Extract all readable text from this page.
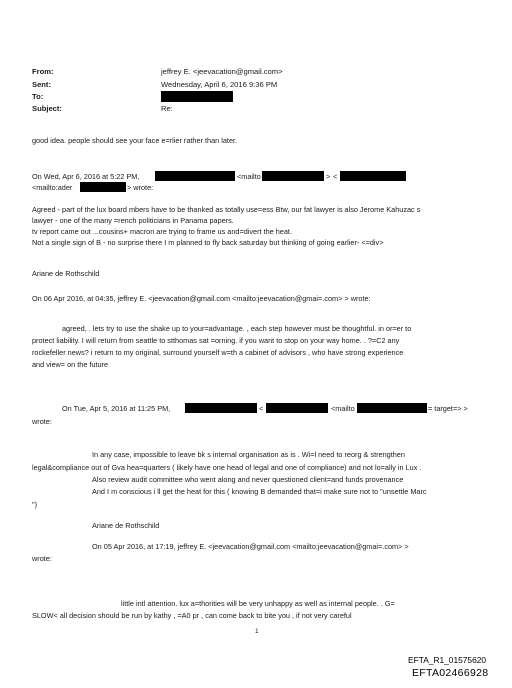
From:	jeffrey E. <jeevacation@gmail.com>
Sent:	Wednesday, April 6, 2016 9:36 PM
To:
Subject:	Re:
good idea. people should see your face e=rlier rather than later.
On Wed, Apr 6, 2016 at 5:22 PM,	<mailto	> <
<mailto:ader	> wrote:
Agreed - part of the lux board mbers have to be thanked as totally use=ess Btw, our fat lawyer is also Jerome Kahuzac s
lawyer - one of the many =rench politicians in Panama papers.
tv report came out ...cousins+ macron are trying to frame us and=divert the heat.
Not a single sign of B - no surprise there I m planned to fly back saturday but thinking of going earlier- <=div>
Ariane de Rothschild
On 06 Apr 2016, at 04:35, jeffrey E. <jeevacation@gmail.com <mailto:jeevacation@gmai=.com> > wrote:
agreed, . lets try to use the shake up to your=advantage. , each step however must be thoughtful. in or=er to
protect liability. I will return from seattle to stthomas sat =orning. if you want to stop on your way home. . ?=C2 any
rockefeller news? i return to my original, surround yourself w=th a cabinet of advisors , who have strong experience
and view= on the future
On Tue, Apr 5, 2016 at 11:25 PM,	<	<mailto	= target=> >
wrote:
In any case, impossible to leave bk s internal organisation as is . Wi=l need to reorg & strengthen
legal&compliance out of Gva hea=quarters ( likely have one head of legal and one of compliance) and not lo=ally in Lux .
Also review audit committee who went along and never questioned client=and funds provenance
And I m conscious i ll get the heat for this ( knowing B demanded that=i make sure not to "unsettle Marc
")
Ariane de Rothschild
On 05 Apr 2016, at 17:19, jeffrey E. <jeevacation@gmail.com <mailto:jeevacation@gmai=.com> >
wrote:
little intl attention. lux a=thorities will be very unhappy as well as internal people. . G=
SLOW< all decision should be run by kathy , =A0 pr , can come back to bite you , if not very careful
1
EFTA_R1_01575620
EFTA02466928
